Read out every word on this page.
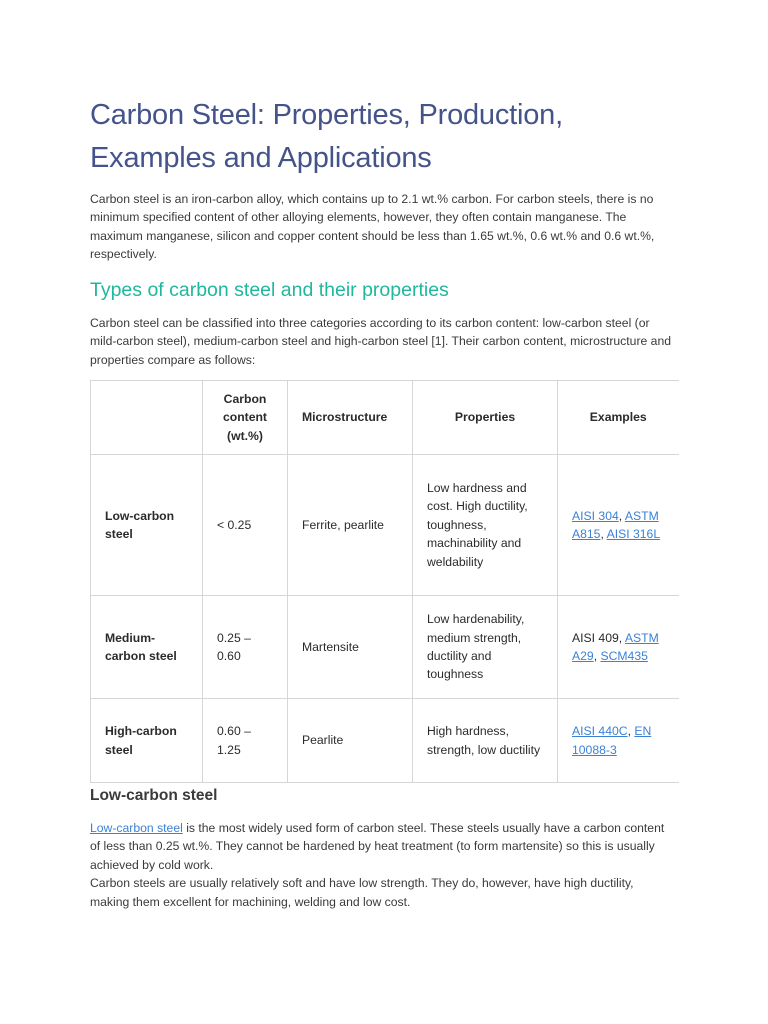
Carbon Steel: Properties, Production, Examples and Applications

Carbon steel is an iron-carbon alloy, which contains up to 2.1 wt.% carbon. For carbon steels, there is no minimum specified content of other alloying elements, however, they often contain manganese. The maximum manganese, silicon and copper content should be less than 1.65 wt.%, 0.6 wt.% and 0.6 wt.%, respectively.

Types of carbon steel and their properties

Carbon steel can be classified into three categories according to its carbon content: low-carbon steel (or mild-carbon steel), medium-carbon steel and high-carbon steel [1]. Their carbon content, microstructure and properties compare as follows:

	Carbon content (wt.%)	Microstructure	Properties	Examples
Low-carbon steel	< 0.25	Ferrite, pearlite	Low hardness and cost. High ductility, toughness, machinability and weldability	AISI 304, ASTM A815, AISI 316L
Medium-carbon steel	0.25 – 0.60	Martensite	Low hardenability, medium strength, ductility and toughness	AISI 409, ASTM A29, SCM435
High-carbon steel	0.60 – 1.25	Pearlite	High hardness, strength, low ductility	AISI 440C, EN 10088-3
Low-carbon steel

Low-carbon steel is the most widely used form of carbon steel. These steels usually have a carbon content of less than 0.25 wt.%. They cannot be hardened by heat treatment (to form martensite) so this is usually achieved by cold work.
Carbon steels are usually relatively soft and have low strength. They do, however, have high ductility, making them excellent for machining, welding and low cost.
